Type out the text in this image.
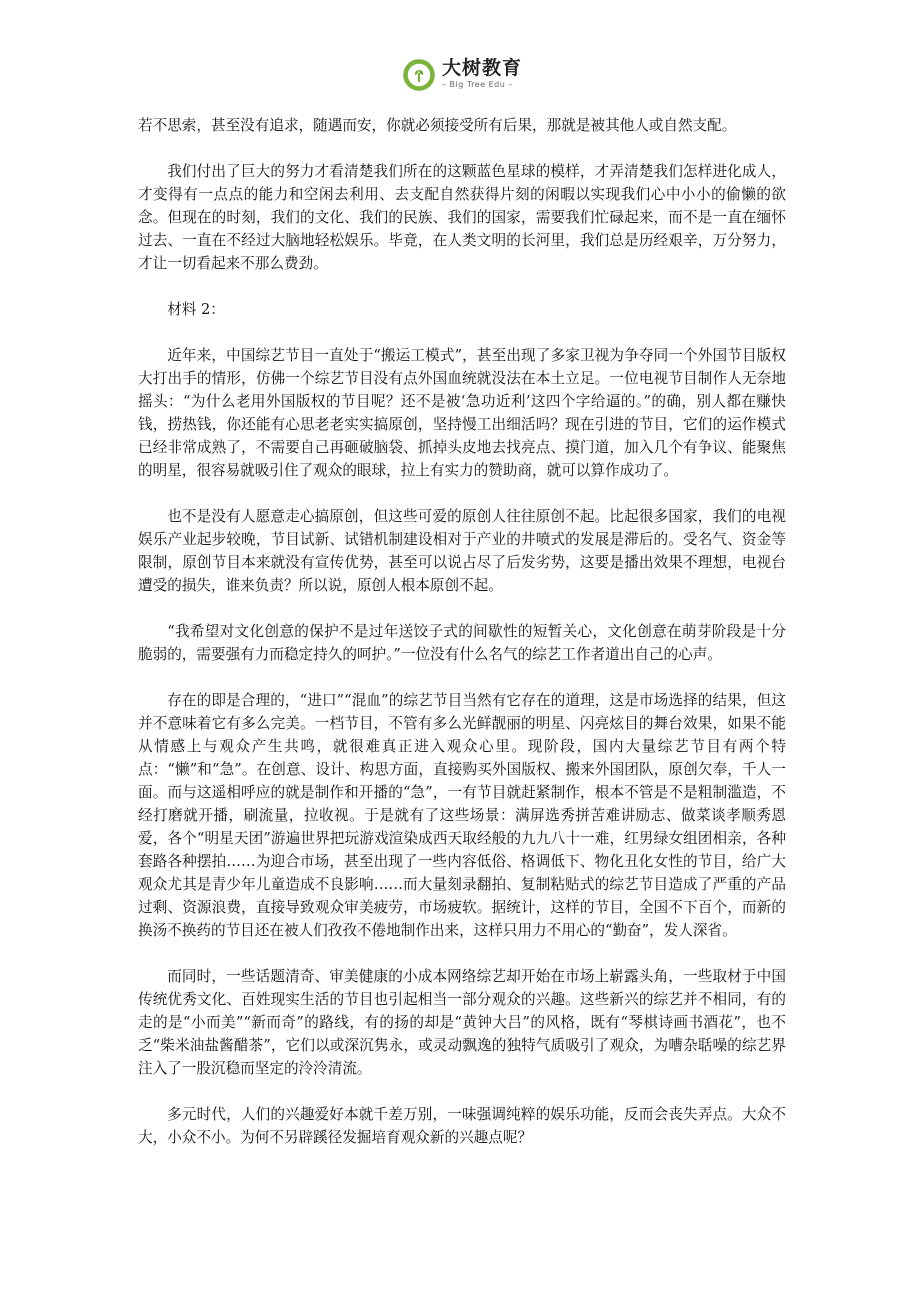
大树教育
– Big Tree Edu –

若不思索，甚至没有追求，随遇而安，你就必须接受所有后果，那就是被其他人或自然支配。

我们付出了巨大的努力才看清楚我们所在的这颗蓝色星球的模样，才弄清楚我们怎样进化成人，才变得有一点点的能力和空闲去利用、去支配自然获得片刻的闲暇以实现我们心中小小的偷懒的欲念。但现在的时刻，我们的文化、我们的民族、我们的国家，需要我们忙碌起来，而不是一直在缅怀过去、一直在不经过大脑地轻松娱乐。毕竟，在人类文明的长河里，我们总是历经艰辛，万分努力，才让一切看起来不那么费劲。

材料 2：

近年来，中国综艺节目一直处于“搬运工模式”，甚至出现了多家卫视为争夺同一个外国节目版权大打出手的情形，仿佛一个综艺节目没有点外国血统就没法在本土立足。一位电视节目制作人无奈地摇头：“为什么老用外国版权的节目呢？还不是被‘急功近利’这四个字给逼的。”的确，别人都在赚快钱，捞热钱，你还能有心思老老实实搞原创，坚持慢工出细活吗？现在引进的节目，它们的运作模式已经非常成熟了，不需要自己再砸破脑袋、抓掉头皮地去找亮点、摸门道，加入几个有争议、能聚焦的明星，很容易就吸引住了观众的眼球，拉上有实力的赞助商，就可以算作成功了。

也不是没有人愿意走心搞原创，但这些可爱的原创人往往原创不起。比起很多国家，我们的电视娱乐产业起步较晚，节目试新、试错机制建设相对于产业的井喷式的发展是滞后的。受名气、资金等限制，原创节目本来就没有宣传优势，甚至可以说占尽了后发劣势，这要是播出效果不理想，电视台遭受的损失，谁来负责？所以说，原创人根本原创不起。

“我希望对文化创意的保护不是过年送饺子式的间歇性的短暂关心，文化创意在萌芽阶段是十分脆弱的，需要强有力而稳定持久的呵护。”一位没有什么名气的综艺工作者道出自己的心声。

存在的即是合理的，“进口”“混血”的综艺节目当然有它存在的道理，这是市场选择的结果，但这并不意味着它有多么完美。一档节目，不管有多么光鲜靓丽的明星、闪亮炫目的舞台效果，如果不能从情感上与观众产生共鸣，就很难真正进入观众心里。现阶段，国内大量综艺节目有两个特点：“懒”和“急”。在创意、设计、构思方面，直接购买外国版权、搬来外国团队，原创欠奉，千人一面。而与这遥相呼应的就是制作和开播的“急”，一有节目就赶紧制作，根本不管是不是粗制滥造，不经打磨就开播，刷流量，拉收视。于是就有了这些场景：满屏选秀拼苦难讲励志、做菜谈孝顺秀恩爱，各个“明星天团”游遍世界把玩游戏渲染成西天取经般的九九八十一难，红男绿女组团相亲，各种套路各种摆拍……为迎合市场，甚至出现了一些内容低俗、格调低下、物化丑化女性的节目，给广大观众尤其是青少年儿童造成不良影响……而大量刻录翻拍、复制粘贴式的综艺节目造成了严重的产品过剩、资源浪费，直接导致观众审美疲劳，市场疲软。据统计，这样的节目，全国不下百个，而新的换汤不换药的节目还在被人们孜孜不倦地制作出来，这样只用力不用心的“勤奋”，发人深省。

而同时，一些话题清奇、审美健康的小成本网络综艺却开始在市场上崭露头角，一些取材于中国传统优秀文化、百姓现实生活的节目也引起相当一部分观众的兴趣。这些新兴的综艺并不相同，有的走的是“小而美”“新而奇”的路线，有的扬的却是“黄钟大吕”的风格，既有“琴棋诗画书酒花”，也不乏“柴米油盐酱醋茶”，它们以或深沉隽永，或灵动飘逸的独特气质吸引了观众，为嘈杂聒噪的综艺界注入了一股沉稳而坚定的泠泠清流。

多元时代，人们的兴趣爱好本就千差万别，一味强调纯粹的娱乐功能，反而会丧失弄点。大众不大，小众不小。为何不另辟蹊径发掘培育观众新的兴趣点呢？
